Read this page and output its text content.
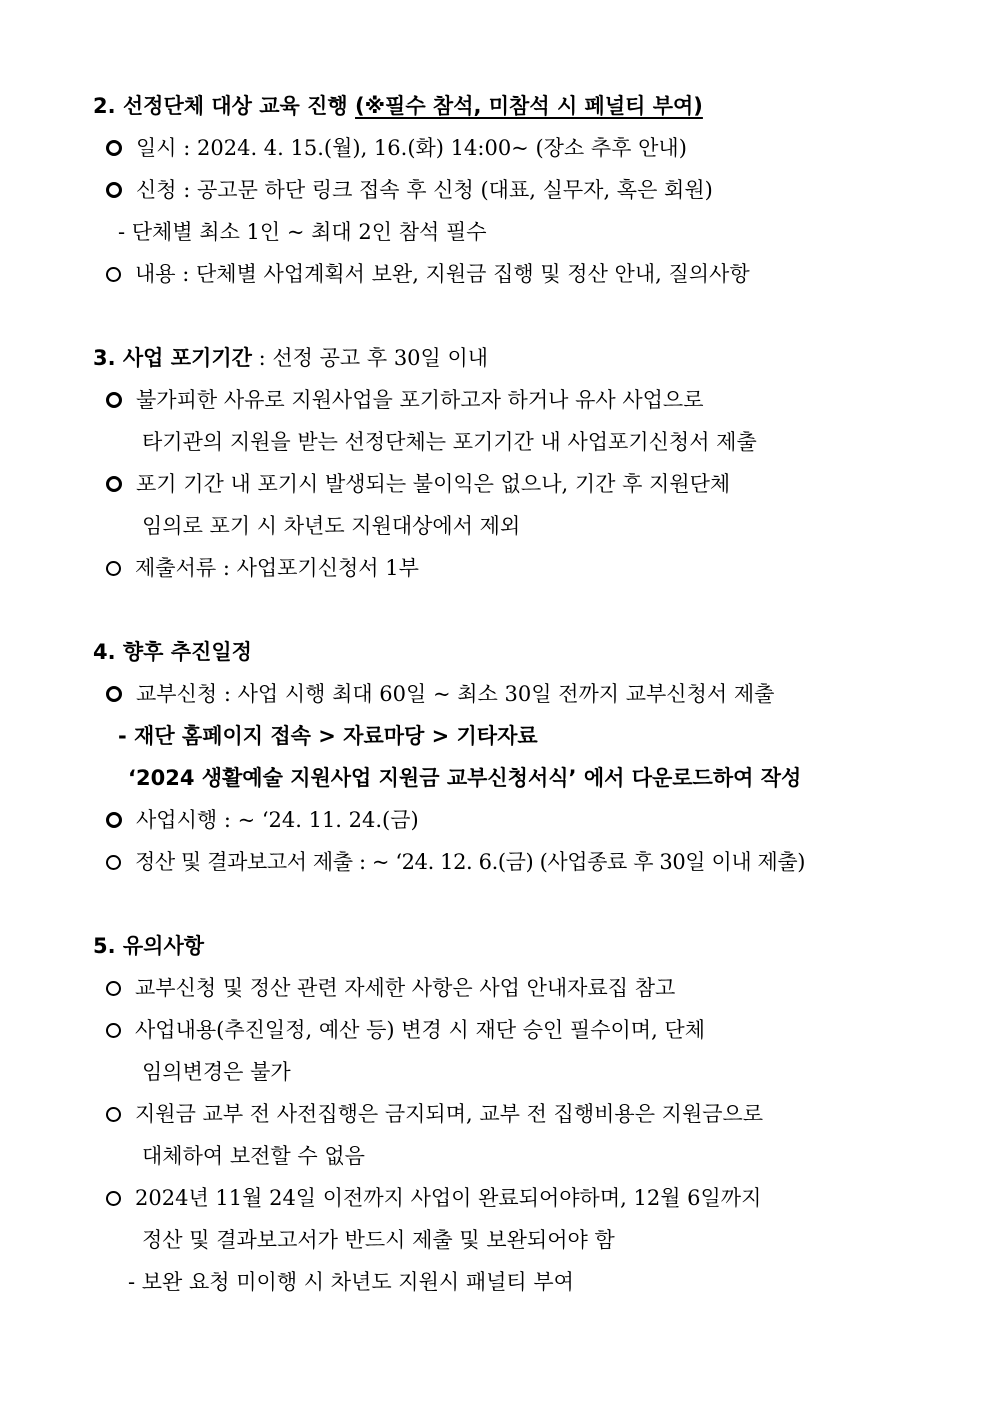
2. 선정단체 대상 교육 진행 (※필수 참석, 미참석 시 페널티 부여)
일시 : 2024. 4. 15.(월), 16.(화) 14:00~ (장소 추후 안내)
신청 : 공고문 하단 링크 접속 후 신청 (대표, 실무자, 혹은 회원)
- 단체별 최소 1인 ~ 최대 2인 참석 필수
내용 : 단체별 사업계획서 보완, 지원금 집행 및 정산 안내, 질의사항
3. 사업 포기기간 : 선정 공고 후 30일 이내
불가피한 사유로 지원사업을 포기하고자 하거나 유사 사업으로
타기관의 지원을 받는 선정단체는 포기기간 내 사업포기신청서 제출
포기 기간 내 포기시 발생되는 불이익은 없으나, 기간 후 지원단체
임의로 포기 시 차년도 지원대상에서 제외
제출서류 : 사업포기신청서 1부
4. 향후 추진일정
교부신청 : 사업 시행 최대 60일 ~ 최소 30일 전까지 교부신청서 제출
- 재단 홈페이지 접속 > 자료마당 > 기타자료
‘2024 생활예술 지원사업 지원금 교부신청서식’ 에서 다운로드하여 작성
사업시행 : ~ ‘24. 11. 24.(금)
정산 및 결과보고서 제출 : ~ ‘24. 12. 6.(금) (사업종료 후 30일 이내 제출)
5. 유의사항
교부신청 및 정산 관련 자세한 사항은 사업 안내자료집 참고
사업내용(추진일정, 예산 등) 변경 시 재단 승인 필수이며, 단체
임의변경은 불가
지원금 교부 전 사전집행은 금지되며, 교부 전 집행비용은 지원금으로
대체하여 보전할 수 없음
2024년 11월 24일 이전까지 사업이 완료되어야하며, 12월 6일까지
정산 및 결과보고서가 반드시 제출 및 보완되어야 함
- 보완 요청 미이행 시 차년도 지원시 패널티 부여
